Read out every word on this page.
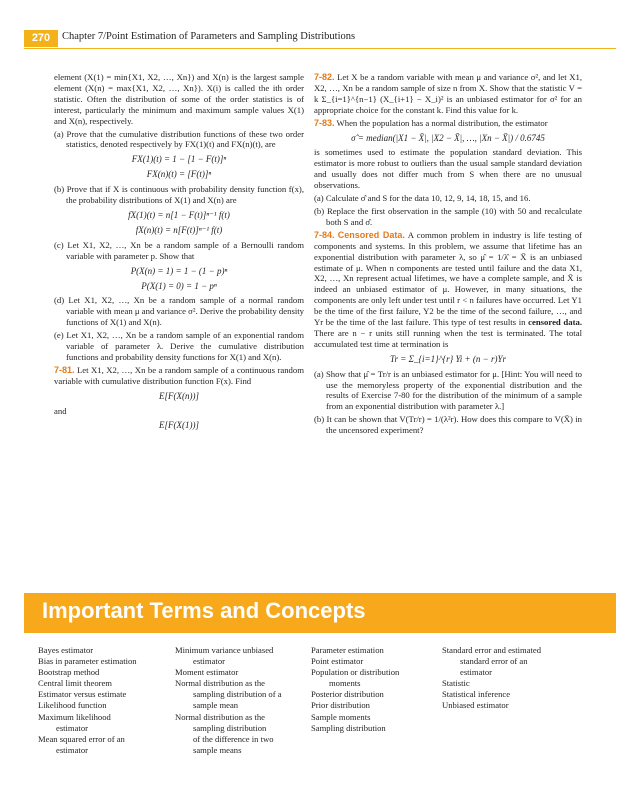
270	Chapter 7/Point Estimation of Parameters and Sampling Distributions

element (X(1) = min{X1, X2, …, Xn}) and X(n) is the largest sample element (X(n) = max{X1, X2, …, Xn}). X(i) is called the ith order statistic. Often the distribution of some of the order statistics is of interest, particularly the minimum and maximum sample values X(1) and X(n), respectively.

(a) Prove that the cumulative distribution functions of these two order statistics, denoted respectively by FX(1)(t) and FX(n)(t), are

FX(1)(t) = 1 − [1 − F(t)]ⁿ
FX(n)(t) = [F(t)]ⁿ

(b) Prove that if X is continuous with probability density function f(x), the probability distributions of X(1) and X(n) are

fX(1)(t) = n[1 − F(t)]ⁿ⁻¹ f(t)
fX(n)(t) = n[F(t)]ⁿ⁻¹ f(t)

(c) Let X1, X2, …, Xn be a random sample of a Bernoulli random variable with parameter p. Show that

P(X(n) = 1) = 1 − (1 − p)ⁿ
P(X(1) = 0) = 1 − pⁿ

(d) Let X1, X2, …, Xn be a random sample of a normal random variable with mean μ and variance σ². Derive the probability density functions of X(1) and X(n).

(e) Let X1, X2, …, Xn be a random sample of an exponential random variable of parameter λ. Derive the cumulative distribution functions and probability density functions for X(1) and X(n).

7-81. Let X1, X2, …, Xn be a random sample of a continuous random variable with cumulative distribution function F(x). Find

E[F(X(n))]

and

E[F(X(1))]

7-82. Let X be a random variable with mean μ and variance σ², and let X1, X2, …, Xn be a random sample of size n from X. Show that the statistic V = k Σ_{i=1}^{n−1} (X_{i+1} − X_i)² is an unbiased estimator for σ² for an appropriate choice for the constant k. Find this value for k.

7-83. When the population has a normal distribution, the estimator

σ̂ = median(|X1 − X̄|, |X2 − X̄|, …, |Xn − X̄|) / 0.6745

is sometimes used to estimate the population standard deviation. This estimator is more robust to outliers than the usual sample standard deviation and usually does not differ much from S when there are no unusual observations.

(a) Calculate σ̂ and S for the data 10, 12, 9, 14, 18, 15, and 16.

(b) Replace the first observation in the sample (10) with 50 and recalculate both S and σ̂.

7-84. Censored Data. A common problem in industry is life testing of components and systems. In this problem, we assume that lifetime has an exponential distribution with parameter λ, so μ̂ = 1/λ̂ = X̄ is an unbiased estimate of μ. When n components are tested until failure and the data X1, X2, …, Xn represent actual lifetimes, we have a complete sample, and X̄ is indeed an unbiased estimator of μ. However, in many situations, the components are only left under test until r < n failures have occurred. Let Y1 be the time of the first failure, Y2 be the time of the second failure, …, and Yr be the time of the last failure. This type of test results in censored data. There are n − r units still running when the test is terminated. The total accumulated test time at termination is

Tr = Σ_{i=1}^{r} Yi + (n − r)Yr

(a) Show that μ̂ = Tr/r is an unbiased estimator for μ. [Hint: You will need to use the memoryless property of the exponential distribution and the results of Exercise 7-80 for the distribution of the minimum of a sample from an exponential distribution with parameter λ.]

(b) It can be shown that V(Tr/r) = 1/(λ²r). How does this compare to V(X̄) in the uncensored experiment?

Important Terms and Concepts
Bayes estimator
Bias in parameter estimation
Bootstrap method
Central limit theorem
Estimator versus estimate
Likelihood function
Maximum likelihood
estimator
Mean squared error of an
estimator
Minimum variance unbiased
estimator
Moment estimator
Normal distribution as the
sampling distribution of a
sample mean
Normal distribution as the
sampling distribution
of the difference in two
sample means
Parameter estimation
Point estimator
Population or distribution
moments
Posterior distribution
Prior distribution
Sample moments
Sampling distribution
Standard error and estimated
standard error of an
estimator
Statistic
Statistical inference
Unbiased estimator
